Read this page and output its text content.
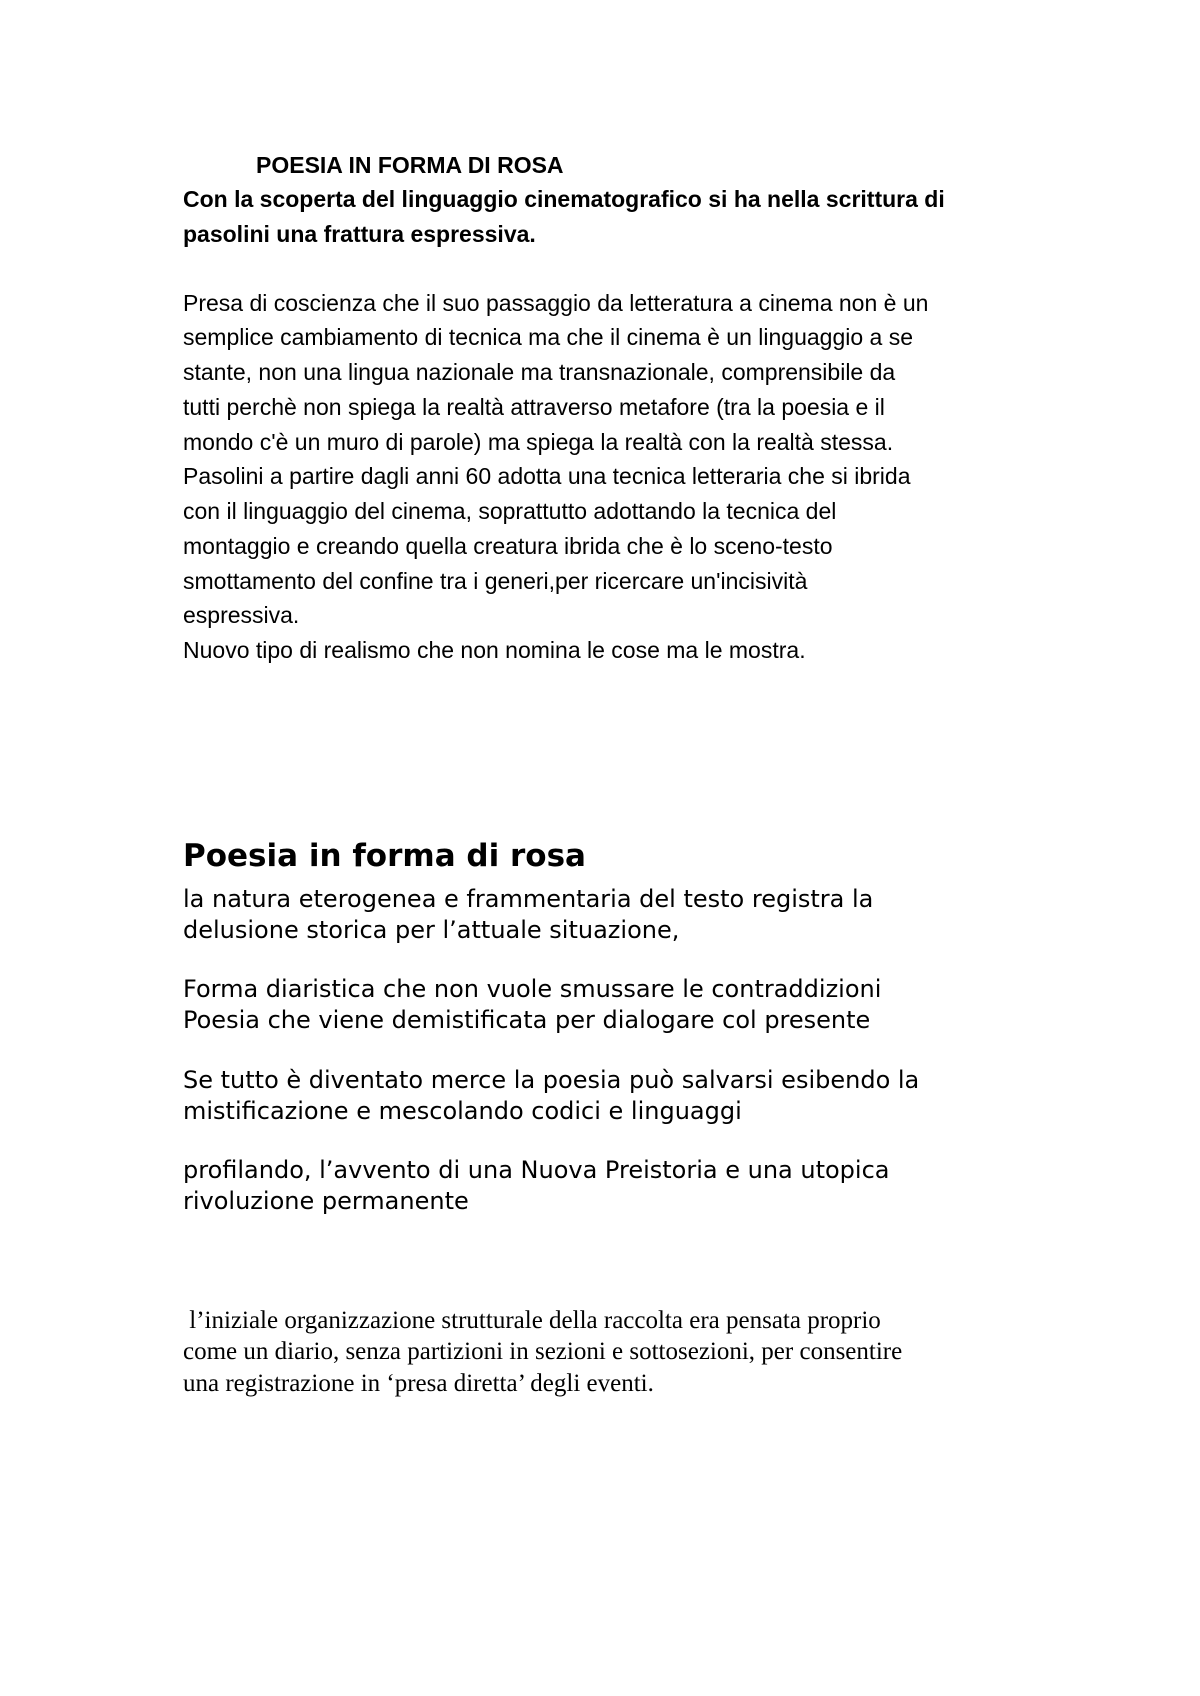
POESIA IN FORMA DI ROSA
Con la scoperta del linguaggio cinematografico si ha nella scrittura di
pasolini una frattura espressiva.
Presa di coscienza che il suo passaggio da letteratura a cinema non è un
semplice cambiamento di tecnica ma che il cinema è un linguaggio a se
stante, non una lingua nazionale ma transnazionale, comprensibile da
tutti perchè non spiega la realtà attraverso metafore (tra la poesia e il
mondo c'è un muro di parole) ma spiega la realtà con la realtà stessa.
Pasolini a partire dagli anni 60 adotta una tecnica letteraria che si ibrida
con il linguaggio del cinema, soprattutto adottando la tecnica del
montaggio e creando quella creatura ibrida che è lo sceno-testo
smottamento del confine tra i generi,per ricercare un'incisività
espressiva.
Nuovo tipo di realismo che non nomina le cose ma le mostra.
Poesia in forma di rosa
la natura eterogenea e frammentaria del testo registra la
delusione storica per l’attuale situazione,
Forma diaristica che non vuole smussare le contraddizioni
Poesia che viene demistificata per dialogare col presente
Se tutto è diventato merce la poesia può salvarsi esibendo la
mistificazione e mescolando codici e linguaggi
profilando, l’avvento di una Nuova Preistoria e una utopica
rivoluzione permanente
l’iniziale organizzazione strutturale della raccolta era pensata proprio
come un diario, senza partizioni in sezioni e sottosezioni, per consentire
una registrazione in ‘presa diretta’ degli eventi.
